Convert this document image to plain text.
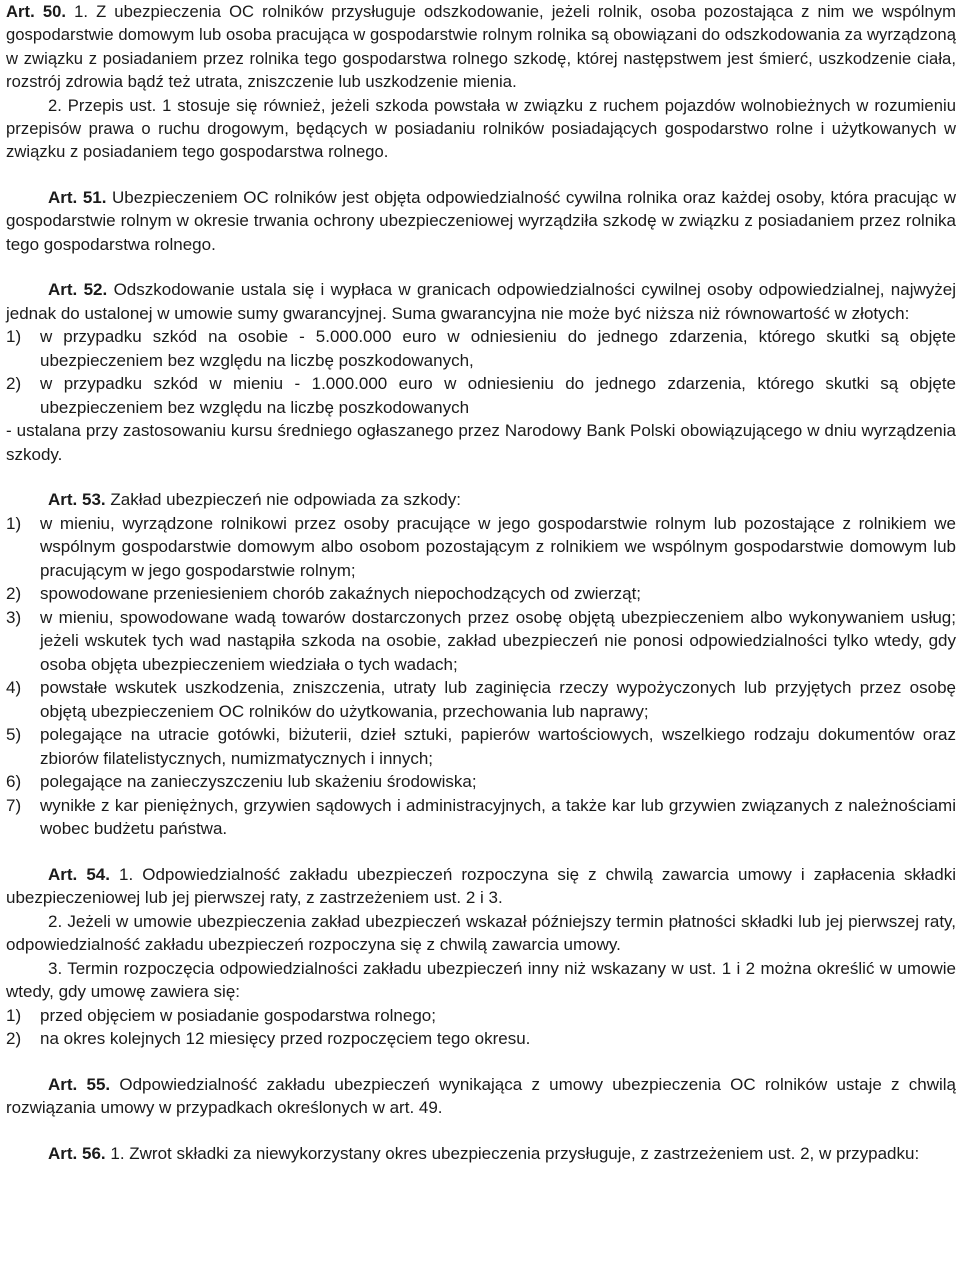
Art. 50. 1. Z ubezpieczenia OC rolników przysługuje odszkodowanie, jeżeli rolnik, osoba pozostająca z nim we wspólnym gospodarstwie domowym lub osoba pracująca w gospodarstwie rolnym rolnika są obowiązani do odszkodowania za wyrządzoną w związku z posiadaniem przez rolnika tego gospodarstwa rolnego szkodę, której następstwem jest śmierć, uszkodzenie ciała, rozstrój zdrowia bądź też utrata, zniszczenie lub uszkodzenie mienia.

2. Przepis ust. 1 stosuje się również, jeżeli szkoda powstała w związku z ruchem pojazdów wolnobieżnych w rozumieniu przepisów prawa o ruchu drogowym, będących w posiadaniu rolników posiadających gospodarstwo rolne i użytkowanych w związku z posiadaniem tego gospodarstwa rolnego.

Art. 51. Ubezpieczeniem OC rolników jest objęta odpowiedzialność cywilna rolnika oraz każdej osoby, która pracując w gospodarstwie rolnym w okresie trwania ochrony ubezpieczeniowej wyrządziła szkodę w związku z posiadaniem przez rolnika tego gospodarstwa rolnego.

Art. 52. Odszkodowanie ustala się i wypłaca w granicach odpowiedzialności cywilnej osoby odpowiedzialnej, najwyżej jednak do ustalonej w umowie sumy gwarancyjnej. Suma gwarancyjna nie może być niższa niż równowartość w złotych:

1) w przypadku szkód na osobie - 5.000.000 euro w odniesieniu do jednego zdarzenia, którego skutki są objęte ubezpieczeniem bez względu na liczbę poszkodowanych,
2) w przypadku szkód w mieniu - 1.000.000 euro w odniesieniu do jednego zdarzenia, którego skutki są objęte ubezpieczeniem bez względu na liczbę poszkodowanych

- ustalana przy zastosowaniu kursu średniego ogłaszanego przez Narodowy Bank Polski obowiązującego w dniu wyrządzenia szkody.

Art. 53. Zakład ubezpieczeń nie odpowiada za szkody:

1) w mieniu, wyrządzone rolnikowi przez osoby pracujące w jego gospodarstwie rolnym lub pozostające z rolnikiem we wspólnym gospodarstwie domowym albo osobom pozostającym z rolnikiem we wspólnym gospodarstwie domowym lub pracującym w jego gospodarstwie rolnym;
2) spowodowane przeniesieniem chorób zakaźnych niepochodzących od zwierząt;
3) w mieniu, spowodowane wadą towarów dostarczonych przez osobę objętą ubezpieczeniem albo wykonywaniem usług; jeżeli wskutek tych wad nastąpiła szkoda na osobie, zakład ubezpieczeń nie ponosi odpowiedzialności tylko wtedy, gdy osoba objęta ubezpieczeniem wiedziała o tych wadach;
4) powstałe wskutek uszkodzenia, zniszczenia, utraty lub zaginięcia rzeczy wypożyczonych lub przyjętych przez osobę objętą ubezpieczeniem OC rolników do użytkowania, przechowania lub naprawy;
5) polegające na utracie gotówki, biżuterii, dzieł sztuki, papierów wartościowych, wszelkiego rodzaju dokumentów oraz zbiorów filatelistycznych, numizmatycznych i innych;
6) polegające na zanieczyszczeniu lub skażeniu środowiska;
7) wynikłe z kar pieniężnych, grzywien sądowych i administracyjnych, a także kar lub grzywien związanych z należnościami wobec budżetu państwa.

Art. 54. 1. Odpowiedzialność zakładu ubezpieczeń rozpoczyna się z chwilą zawarcia umowy i zapłacenia składki ubezpieczeniowej lub jej pierwszej raty, z zastrzeżeniem ust. 2 i 3.

2. Jeżeli w umowie ubezpieczenia zakład ubezpieczeń wskazał późniejszy termin płatności składki lub jej pierwszej raty, odpowiedzialność zakładu ubezpieczeń rozpoczyna się z chwilą zawarcia umowy.

3. Termin rozpoczęcia odpowiedzialności zakładu ubezpieczeń inny niż wskazany w ust. 1 i 2 można określić w umowie wtedy, gdy umowę zawiera się:

1) przed objęciem w posiadanie gospodarstwa rolnego;
2) na okres kolejnych 12 miesięcy przed rozpoczęciem tego okresu.

Art. 55. Odpowiedzialność zakładu ubezpieczeń wynikająca z umowy ubezpieczenia OC rolników ustaje z chwilą rozwiązania umowy w przypadkach określonych w art. 49.

Art. 56. 1. Zwrot składki za niewykorzystany okres ubezpieczenia przysługuje, z zastrzeżeniem ust. 2, w przypadku:
